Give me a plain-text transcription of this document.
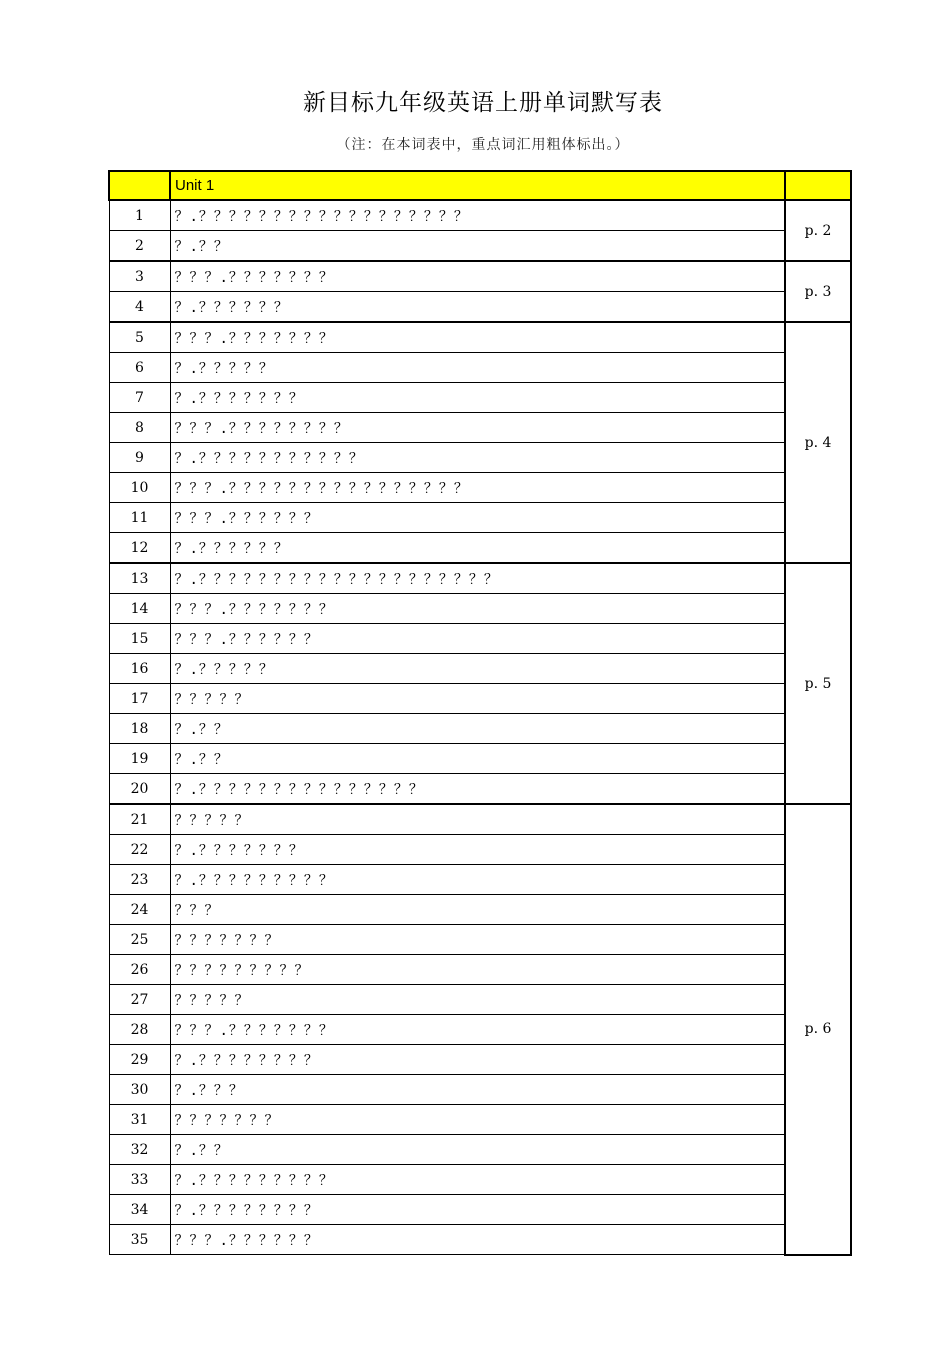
新目标九年级英语上册单词默写表
（注：在本词表中，重点词汇用粗体标出。）
	Unit 1	
1	？.？？？？？？？？？？？？？？？？？？	p. 2
2	？.？？	
3	？？？.？？？？？？？	p. 3
4	？.？？？？？？	
5	？？？.？？？？？？？	p. 4
6	？.？？？？？	
7	？.？？？？？？？	
8	？？？.？？？？？？？？	
9	？.？？？？？？？？？？？	
10	？？？.？？？？？？？？？？？？？？？？	
11	？？？.？？？？？？	
12	？.？？？？？？	
13	？.？？？？？？？？？？？？？？？？？？？？	p. 5
14	？？？.？？？？？？？	
15	？？？.？？？？？？	
16	？.？？？？？	
17	？？？？？	
18	？.？？	
19	？.？？	
20	？.？？？？？？？？？？？？？？？	
21	？？？？？	p. 6
22	？.？？？？？？？	
23	？.？？？？？？？？？	
24	？？？	
25	？？？？？？？	
26	？？？？？？？？？	
27	？？？？？	
28	？？？.？？？？？？？	
29	？.？？？？？？？？	
30	？.？？？	
31	？？？？？？？	
32	？.？？	
33	？.？？？？？？？？？	
34	？.？？？？？？？？	
35	？？？.？？？？？？	
